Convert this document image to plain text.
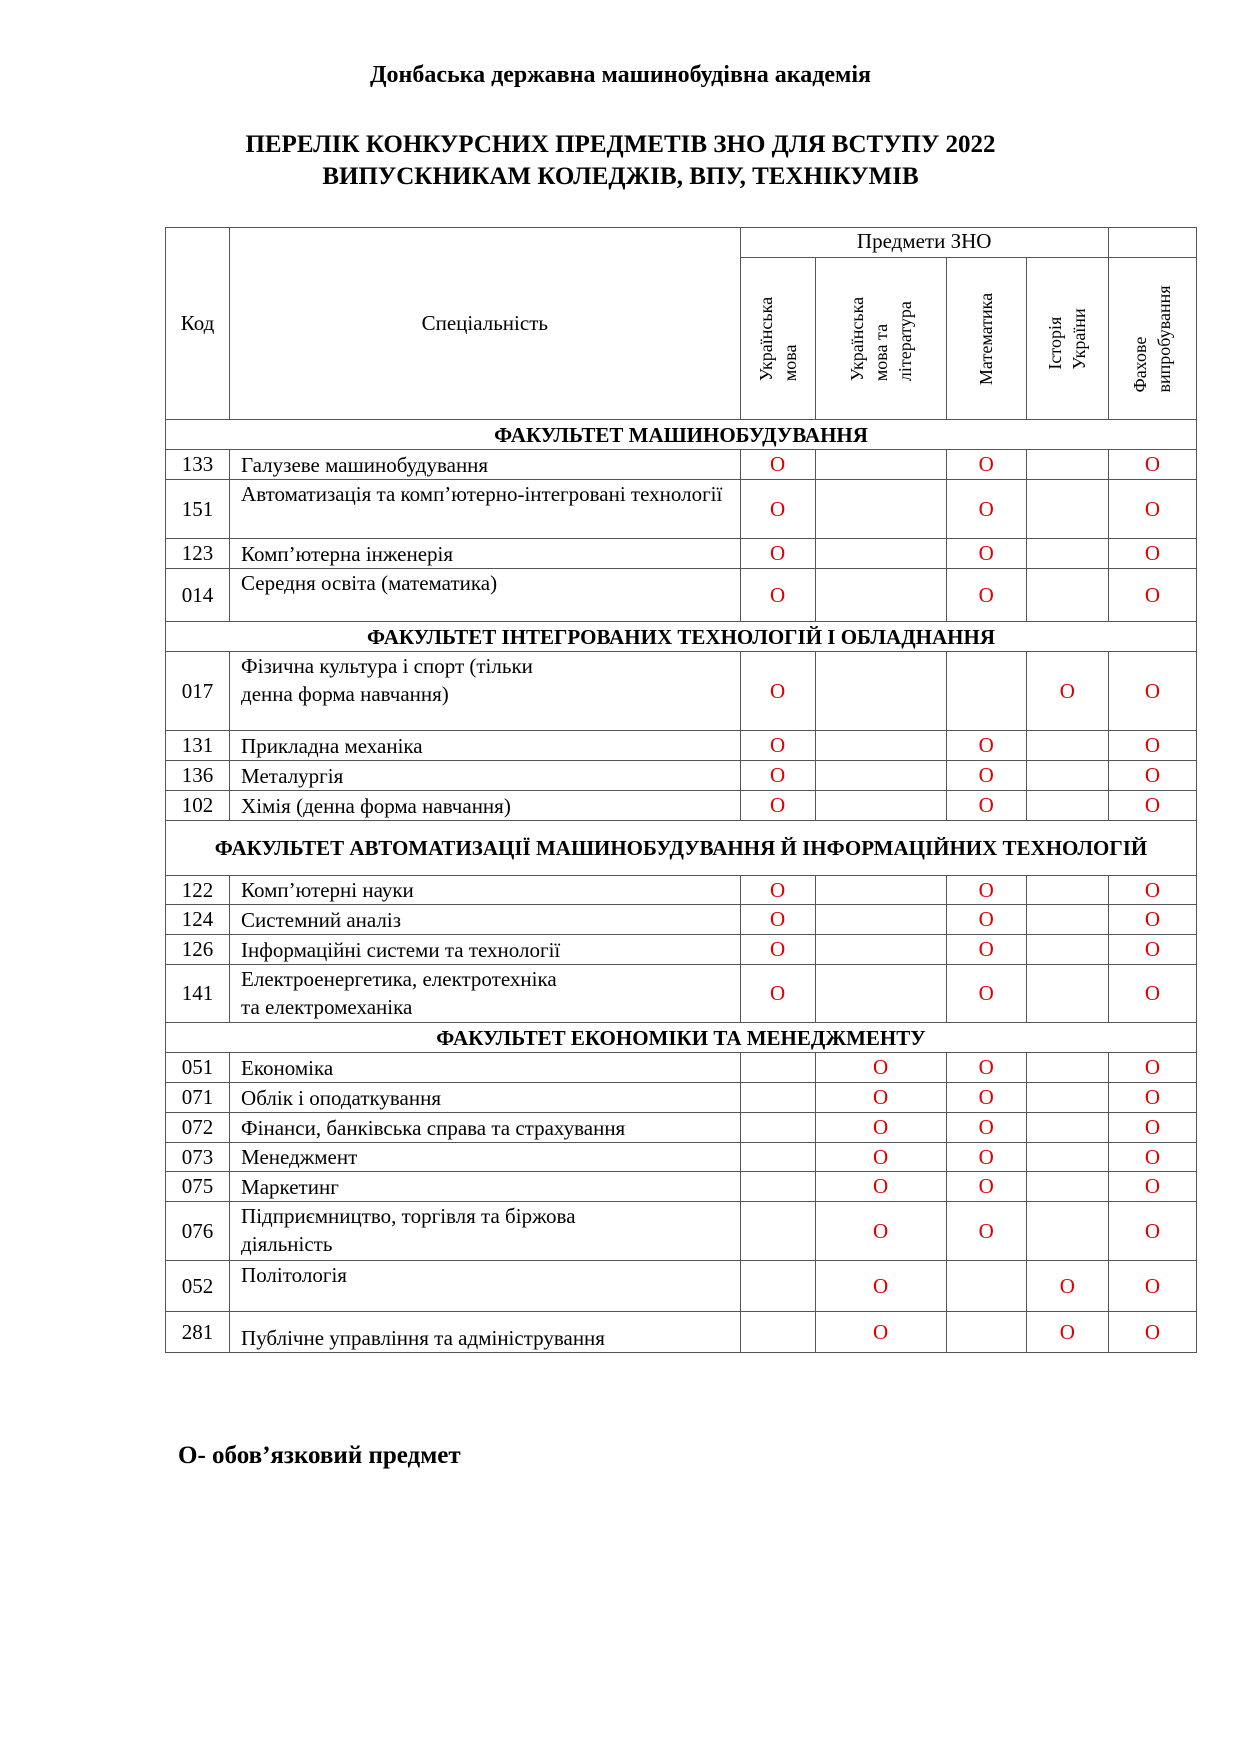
Донбаська державна машинобудівна академія
ПЕРЕЛІК КОНКУРСНИХ ПРЕДМЕТІВ ЗНО ДЛЯ ВСТУПУ 2022
ВИПУСКНИКАМ КОЛЕДЖІВ, ВПУ, ТЕХНІКУМІВ
Код	Спеціальність	Предмети ЗНО				

		Українська мова	Українська мова та література	Математика	Історія України	Фахове випробування

ФАКУЛЬТЕТ МАШИНОБУДУВАННЯ						
133	Галузеве машинобудування	О		О		О
151	Автоматизація та комп’ютерно-інтегровані технології	О		О		О
123	Комп’ютерна інженерія	О		О		О
014	Середня освіта (математика)	О		О		О
ФАКУЛЬТЕТ ІНТЕГРОВАНИХ ТЕХНОЛОГІЙ І ОБЛАДНАННЯ						
017	Фізична культура і спорт (тільки денна форма навчання)	О			О	О
131	Прикладна механіка	О		О		О
136	Металургія	О		О		О
102	Хімія (денна форма навчання)	О		О		О
ФАКУЛЬТЕТ АВТОМАТИЗАЦІЇ МАШИНОБУДУВАННЯ Й ІНФОРМАЦІЙНИХ ТЕХНОЛОГІЙ						
122	Комп’ютерні науки	О		О		О
124	Системний аналіз	О		О		О
126	Інформаційні системи та технології	О		О		О
141	Електроенергетика, електротехніка та електромеханіка	О		О		О
ФАКУЛЬТЕТ ЕКОНОМІКИ ТА МЕНЕДЖМЕНТУ						
051	Економіка		О	О		О
071	Облік і оподаткування		О	О		О
072	Фінанси, банківська справа та страхування		О	О		О
073	Менеджмент		О	О		О
075	Маркетинг		О	О		О
076	Підприємництво, торгівля та біржова діяльність		О	О		О
052	Політологія		О		О	О
281	Публічне управління та адміністрування		О		О	О
О- обов’язковий предмет
